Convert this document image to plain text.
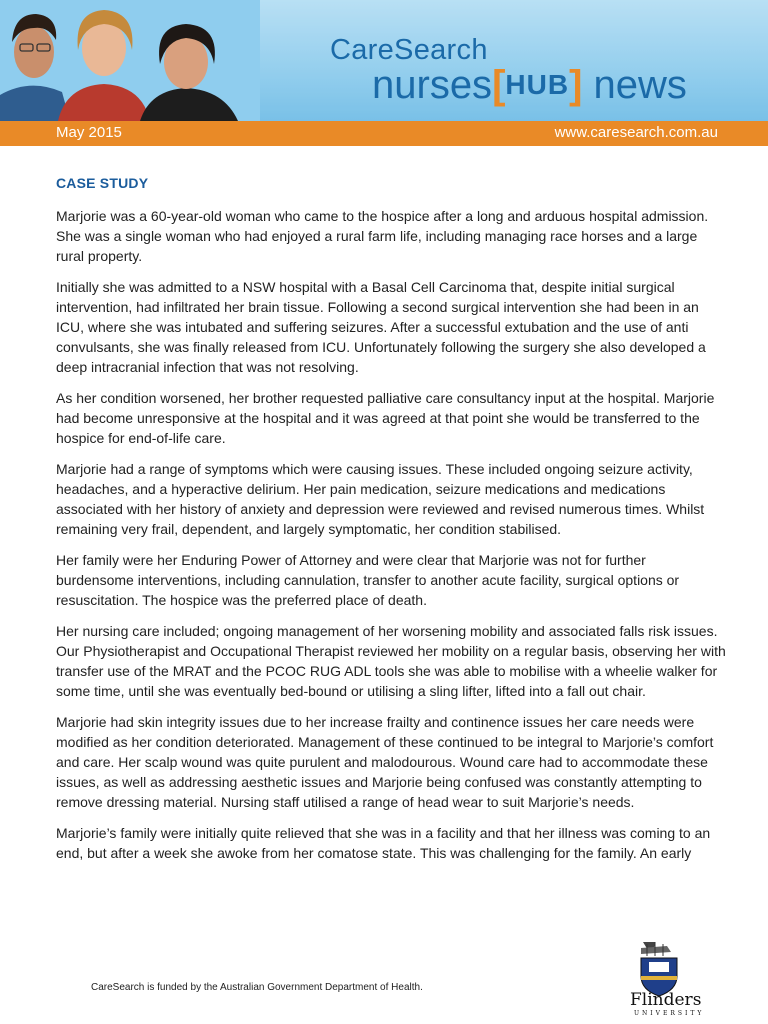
CareSearch
nurses[HUB] news
May 2015	www.caresearch.com.au
CASE STUDY

Marjorie was a 60-year-old woman who came to the hospice after a long and arduous hospital admission. She was a single woman who had enjoyed a rural farm life, including managing race horses and a large rural property.

Initially she was admitted to a NSW hospital with a Basal Cell Carcinoma that, despite initial surgical intervention, had infiltrated her brain tissue. Following a second surgical intervention she had been in an ICU, where she was intubated and suffering seizures. After a successful extubation and the use of anti convulsants, she was finally released from ICU. Unfortunately following the surgery she also developed a deep intracranial infection that was not resolving.

As her condition worsened, her brother requested palliative care consultancy input at the hospital. Marjorie had become unresponsive at the hospital and it was agreed at that point she would be transferred to the hospice for end-of-life care.

Marjorie had a range of symptoms which were causing issues. These included ongoing seizure activity, headaches, and a hyperactive delirium. Her pain medication, seizure medications and medications associated with her history of anxiety and depression were reviewed and revised numerous times. Whilst remaining very frail, dependent, and largely symptomatic, her condition stabilised.

Her family were her Enduring Power of Attorney and were clear that Marjorie was not for further burdensome interventions, including cannulation, transfer to another acute facility, surgical options or resuscitation. The hospice was the preferred place of death.

Her nursing care included; ongoing management of her worsening mobility and associated falls risk issues. Our Physiotherapist and Occupational Therapist reviewed her mobility on a regular basis, observing her with transfer use of the MRAT and the PCOC RUG ADL tools she was able to mobilise with a wheelie walker for some time, until she was eventually bed-bound or utilising a sling lifter, lifted into a fall out chair.

Marjorie had skin integrity issues due to her increase frailty and continence issues her care needs were modified as her condition deteriorated. Management of these continued to be integral to Marjorie’s comfort and care. Her scalp wound was quite purulent and malodourous. Wound care had to accommodate these issues, as well as addressing aesthetic issues and Marjorie being confused was constantly attempting to remove dressing material. Nursing staff utilised a range of head wear to suit Marjorie’s needs.

Marjorie’s family were initially quite relieved that she was in a facility and that her illness was coming to an end, but after a week she awoke from her comatose state. This was challenging for the family. An early

CareSearch is funded by the Australian Government Department of Health.
Flinders
UNIVERSITY
